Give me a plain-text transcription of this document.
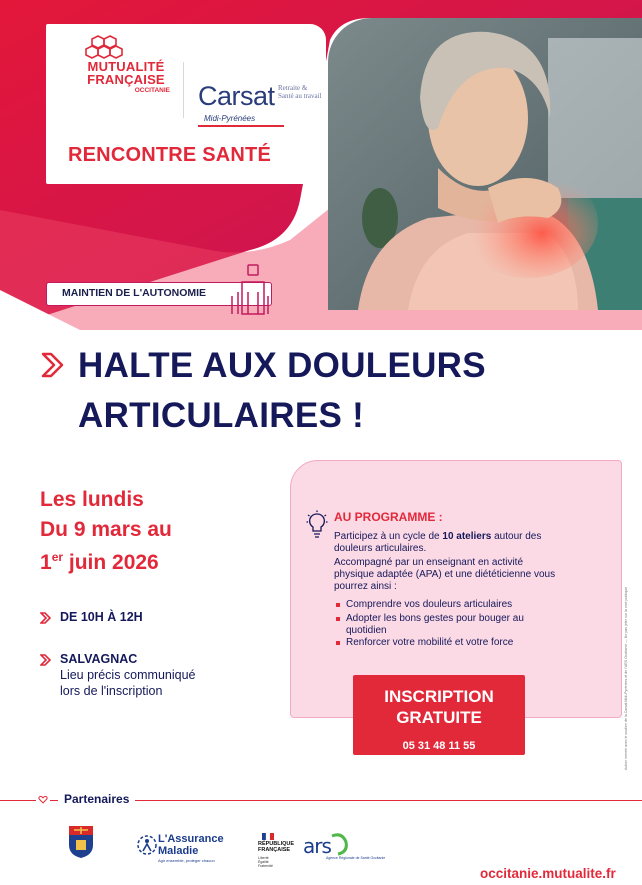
MUTUALITÉ
FRANÇAISE
OCCITANIE Carsat Retraite & Santé au travail
Midi-Pyrénées
RENCONTRE SANTÉ
MAINTIEN DE L'AUTONOMIE
HALTE AUX DOULEURS
ARTICULAIRES !
Les lundis
Du 9 mars au
1er juin 2026
DE 10H À 12H
SALVAGNAC
Lieu précis communiqué
lors de l'inscription
AU PROGRAMME :
Participez à un cycle de 10 ateliers autour des
douleurs articulaires.
Accompagné par un enseignant en activité
physique adaptée (APA) et une diététicienne vous
pourrez ainsi :
Comprendre vos douleurs articulaires
Adopter les bons gestes pour bouger au
quotidien
Renforcer votre mobilité et votre force
INSCRIPTION
GRATUITE
05 31 48 11 55
(du lundi au vendredi de 9h à 19h)	Action menée avec le soutien de la Carsat Midi-Pyrénées et de l'ARS Occitanie — Ne pas jeter sur la voie publique
Partenaires
L'Assurance
Maladie
Agir ensemble, protéger chacun
RÉPUBLIQUE
FRANÇAISE
Liberté Égalité Fraternité
ars
Agence Régionale de Santé Occitanie
occitanie.mutualite.fr
